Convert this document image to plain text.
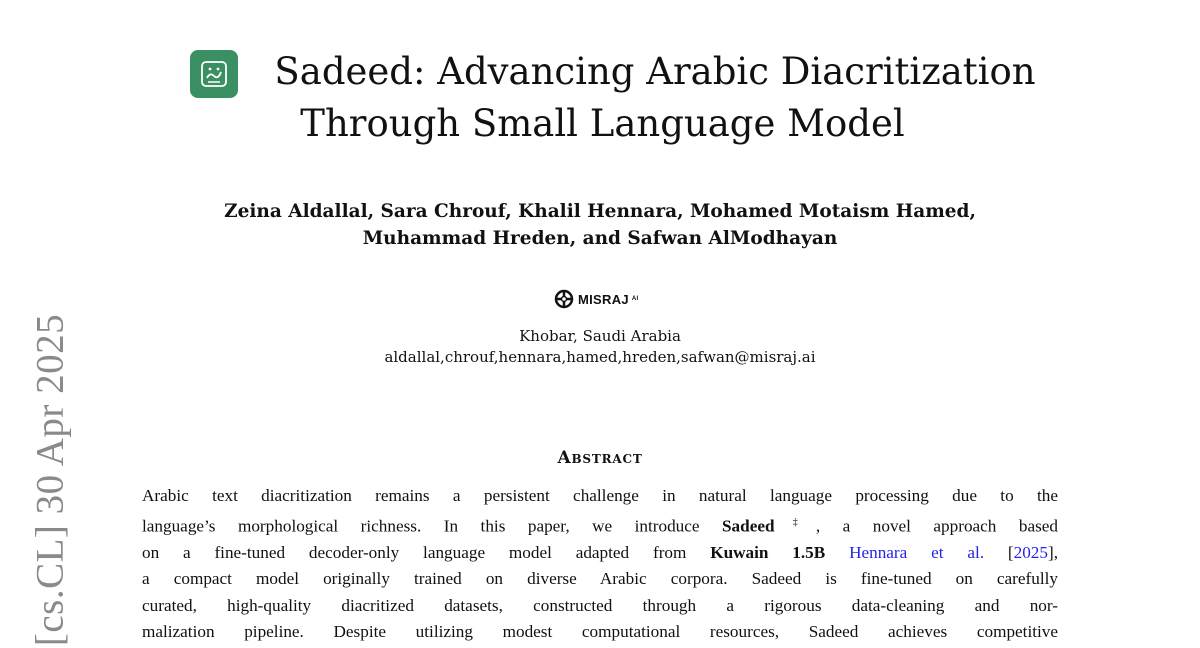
[cs.CL] 30 Apr 2025
Sadeed: Advancing Arabic Diacritization
Through Small Language Model
Zeina Aldallal, Sara Chrouf, Khalil Hennara, Mohamed Motaism Hamed,
Muhammad Hreden, and Safwan AlModhayan
MISRAJ AI
Khobar, Saudi Arabia
aldallal,chrouf,hennara,hamed,hreden,safwan@misraj.ai
Abstract

Arabic text diacritization remains a persistent challenge in natural language processing due to the

language’s morphological richness. In this paper, we introduce Sadeed‡, a novel approach based

on a fine-tuned decoder-only language model adapted from Kuwain 1.5B Hennara et al. [2025],

a compact model originally trained on diverse Arabic corpora. Sadeed is fine-tuned on carefully

curated, high-quality diacritized datasets, constructed through a rigorous data-cleaning and nor-

malization pipeline. Despite utilizing modest computational resources, Sadeed achieves competitive
